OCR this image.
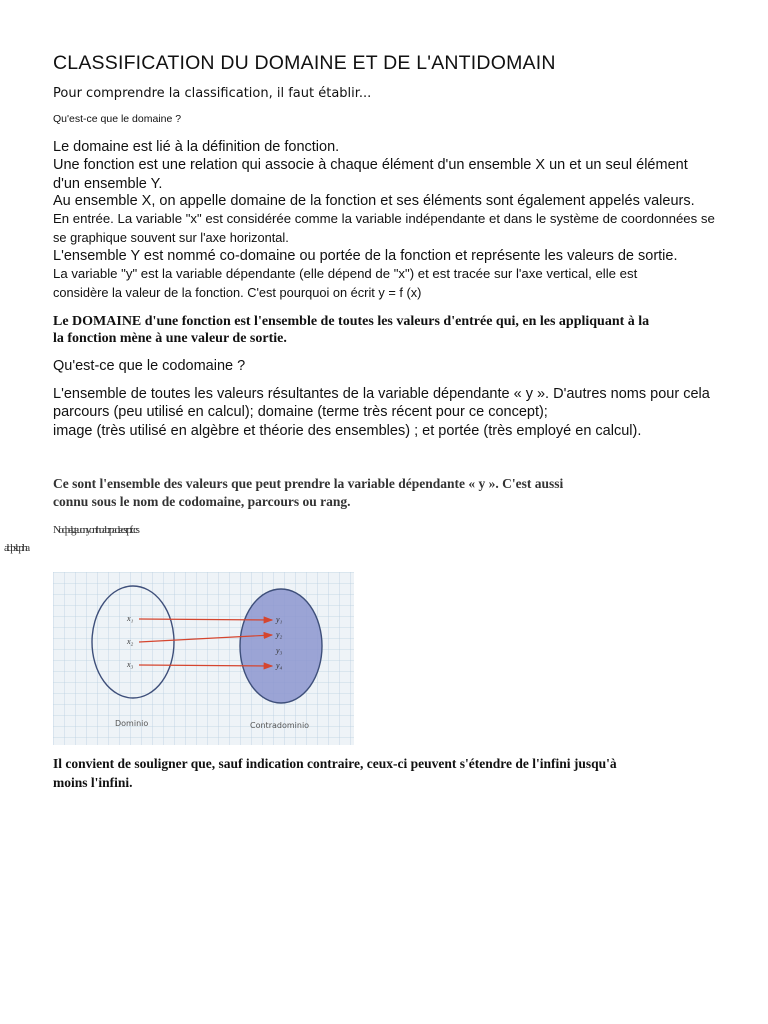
CLASSIFICATION DU DOMAINE ET DE L'ANTIDOMAIN
Pour comprendre la classification, il faut établir...
Qu'est-ce que le domaine ?
Le domaine est lié à la définition de fonction.
Une fonction est une relation qui associe à chaque élément d'un ensemble X un et un seul élément
d'un ensemble Y.
Au ensemble X, on appelle domaine de la fonction et ses éléments sont également appelés valeurs.
En entrée. La variable "x" est considérée comme la variable indépendante et dans le système de coordonnées se
se graphique souvent sur l'axe horizontal.
L'ensemble Y est nommé co-domaine ou portée de la fonction et représente les valeurs de sortie.
La variable "y" est la variable dépendante (elle dépend de "x") et est tracée sur l'axe vertical, elle est
considère la valeur de la fonction. C'est pourquoi on écrit y = f (x)
Le DOMAINE d'une fonction est l'ensemble de toutes les valeurs d'entrée qui, en les appliquant à la
la fonction mène à une valeur de sortie.
Qu'est-ce que le codomaine ?
L'ensemble de toutes les valeurs résultantes de la variable dépendante « y ». D'autres noms pour cela
parcours (peu utilisé en calcul); domaine (terme très récent pour ce concept);
image (très utilisé en algèbre et théorie des ensembles) ; et portée (très employé en calcul).
Ce sont l'ensemble des valeurs que peut prendre la variable dépendante « y ». C'est aussi
connu sous le nom de codomaine, parcours ou rang.
Nodpelgeuonyonthoabrpaolecsrpfccs
aldpslcpiha
x₁
x₂
x₃
y₁
y₂
y₃
y₄
Dominio	Contradominio
Il convient de souligner que, sauf indication contraire, ceux-ci peuvent s'étendre de l'infini jusqu'à
moins l'infini.
